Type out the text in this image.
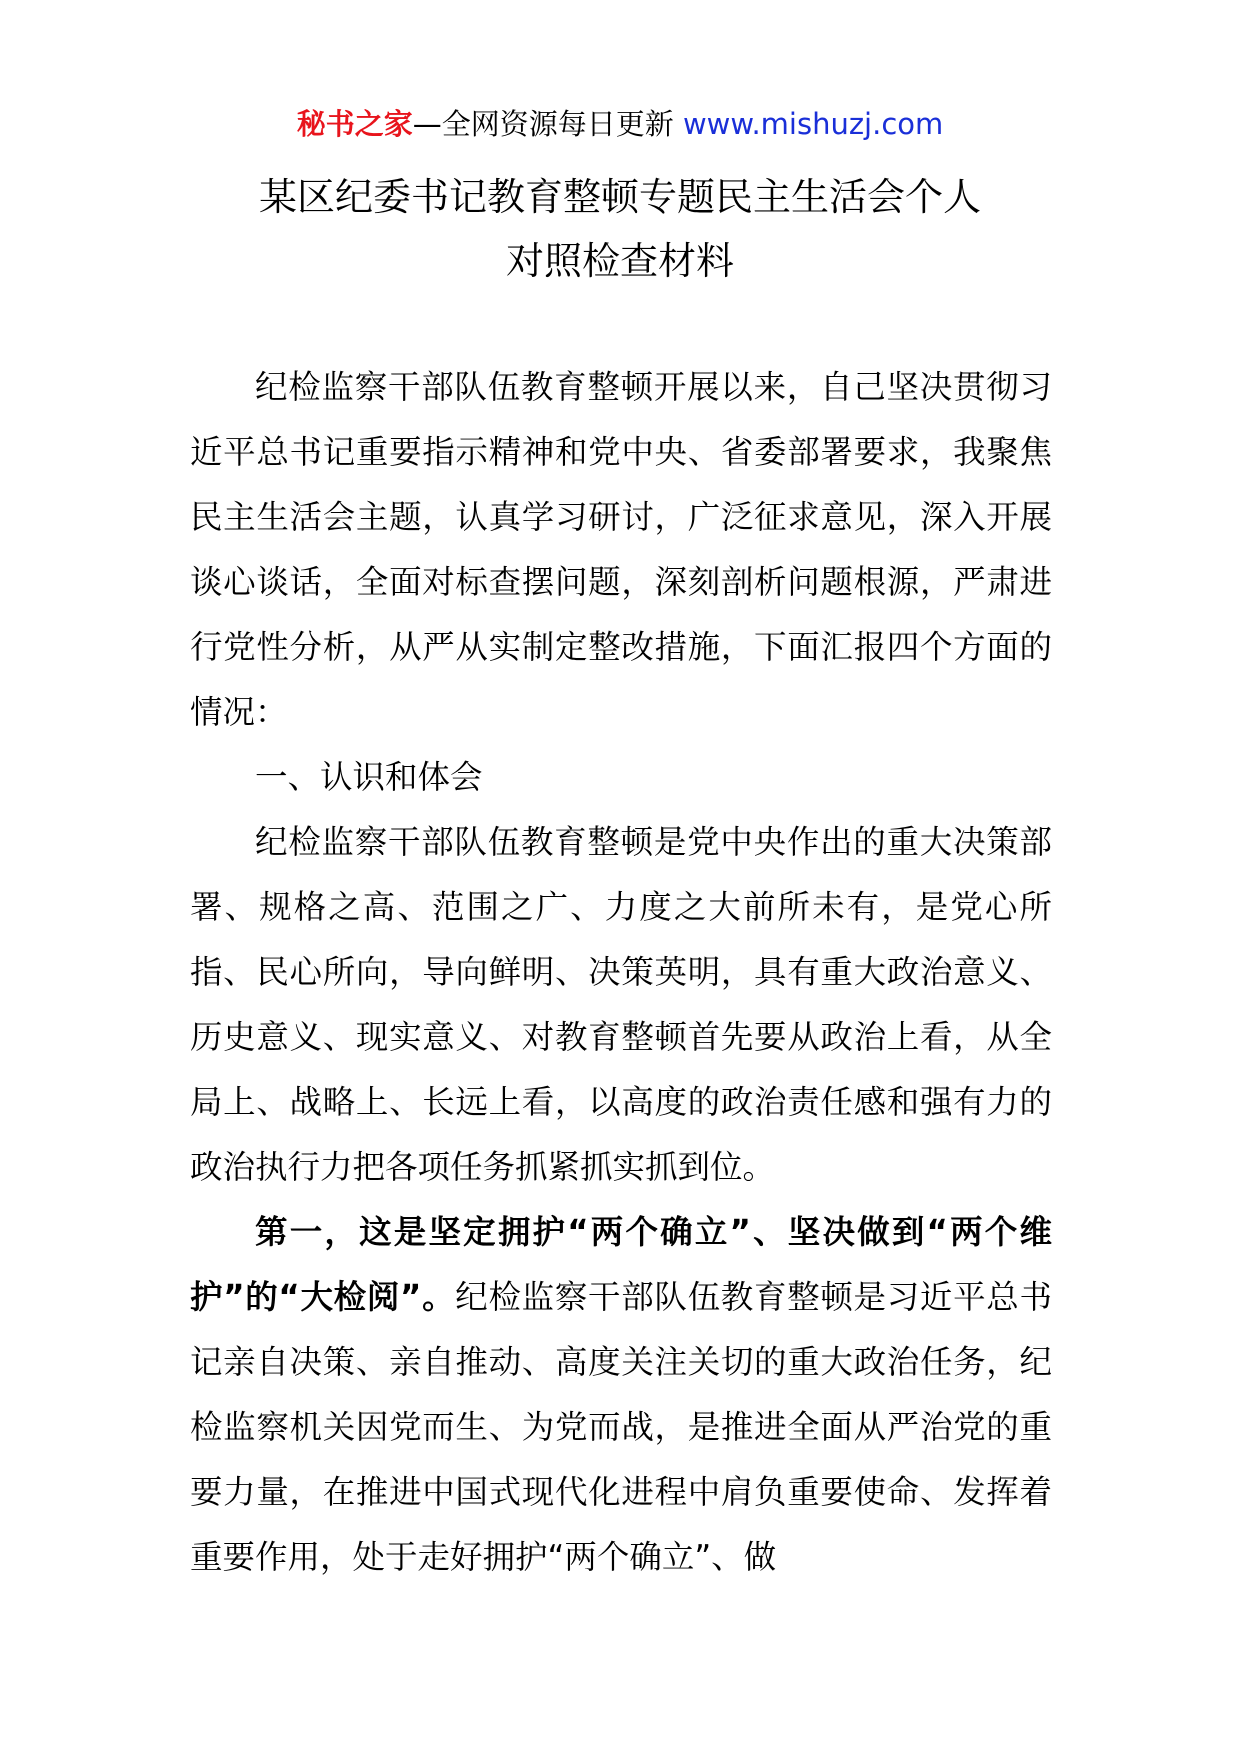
秘书之家—全网资源每日更新 www.mishuzj.com
某区纪委书记教育整顿专题民主生活会个人
对照检查材料

纪检监察干部队伍教育整顿开展以来，自己坚决贯彻习近平总书记重要指示精神和党中央、省委部署要求，我聚焦民主生活会主题，认真学习研讨，广泛征求意见，深入开展谈心谈话，全面对标查摆问题，深刻剖析问题根源，严肃进行党性分析，从严从实制定整改措施，下面汇报四个方面的情况：

一、认识和体会

纪检监察干部队伍教育整顿是党中央作出的重大决策部署、规格之高、范围之广、力度之大前所未有，是党心所指、民心所向，导向鲜明、决策英明，具有重大政治意义、历史意义、现实意义、对教育整顿首先要从政治上看，从全局上、战略上、长远上看，以高度的政治责任感和强有力的政治执行力把各项任务抓紧抓实抓到位。

第一，这是坚定拥护“两个确立”、坚决做到“两个维护”的“大检阅”。纪检监察干部队伍教育整顿是习近平总书记亲自决策、亲自推动、高度关注关切的重大政治任务，纪检监察机关因党而生、为党而战，是推进全面从严治党的重要力量，在推进中国式现代化进程中肩负重要使命、发挥着重要作用，处于走好拥护“两个确立”、做
